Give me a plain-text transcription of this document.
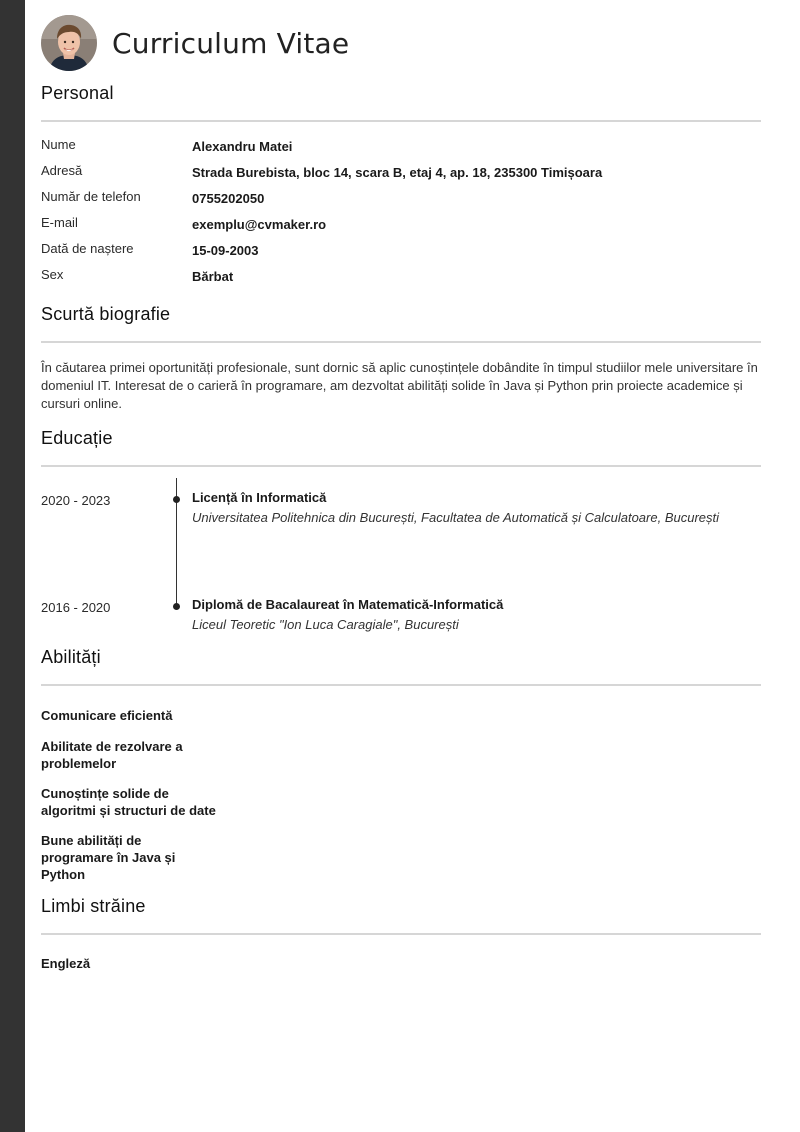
Curriculum Vitae
Personal
Nume	Alexandru Matei
Adresă	Strada Burebista, bloc 14, scara B, etaj 4, ap. 18, 235300 Timișoara
Număr de telefon	0755202050
E-mail	exemplu@cvmaker.ro
Dată de naștere	15-09-2003
Sex	Bărbat
Scurtă biografie
În căutarea primei oportunități profesionale, sunt dornic să aplic cunoștințele dobândite în timpul studiilor mele universitare în domeniul IT. Interesat de o carieră în programare, am dezvoltat abilități solide în Java și Python prin proiecte academice și cursuri online.
Educație
2020 - 2023	Licență în Informatică
Universitatea Politehnica din București, Facultatea de Automatică și Calculatoare, București
2016 - 2020	Diplomă de Bacalaureat în Matematică-Informatică
Liceul Teoretic "Ion Luca Caragiale", București
Abilități
Comunicare eficientă
Abilitate de rezolvare a problemelor
Cunoștințe solide de algoritmi și structuri de date
Bune abilități de programare în Java și Python
Limbi străine
Engleză
